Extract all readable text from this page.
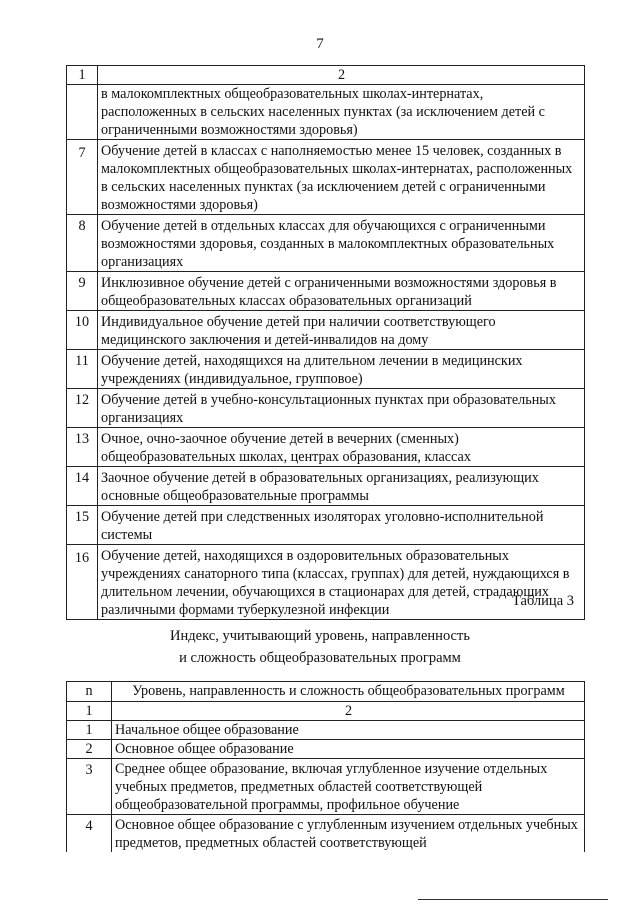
7
1	2
	в малокомплектных общеобразовательных школах-интернатах, расположенных в сельских населенных пунктах (за исключением детей с ограниченными возможностями здоровья)
7	Обучение детей в классах с наполняемостью менее 15 человек, созданных в малокомплектных общеобразовательных школах-интернатах, расположенных в сельских населенных пунктах (за исключением детей с ограниченными возможностями здоровья)
8	Обучение детей в отдельных классах для обучающихся с ограниченными возможностями здоровья, созданных в малокомплектных образовательных организациях
9	Инклюзивное обучение детей с ограниченными возможностями здоровья в общеобразовательных классах образовательных организаций
10	Индивидуальное обучение детей при наличии соответствующего медицинского заключения и детей-инвалидов на дому
11	Обучение детей, находящихся на длительном лечении в медицинских учреждениях (индивидуальное, групповое)
12	Обучение детей в учебно-консультационных пунктах при образовательных организациях
13	Очное, очно-заочное обучение детей в вечерних (сменных) общеобразовательных школах, центрах образования, классах
14	Заочное обучение детей в образовательных организациях, реализующих основные общеобразовательные программы
15	Обучение детей при следственных изоляторах уголовно-исполнительной системы
16	Обучение детей, находящихся в оздоровительных образовательных учреждениях санаторного типа (классах, группах) для детей, нуждающихся в длительном лечении, обучающихся в стационарах для детей, страдающих различными формами туберкулезной инфекции
Таблица 3
Индекс, учитывающий уровень, направленность
и сложность общеобразовательных программ
n	Уровень, направленность и сложность общеобразовательных программ
1	2
1	Начальное общее образование
2	Основное общее образование
3	Среднее общее образование, включая углубленное изучение отдельных учебных предметов, предметных областей соответствующей общеобразовательной программы, профильное обучение
4	Основное общее образование с углубленным изучением отдельных учебных предметов, предметных областей соответствующей
